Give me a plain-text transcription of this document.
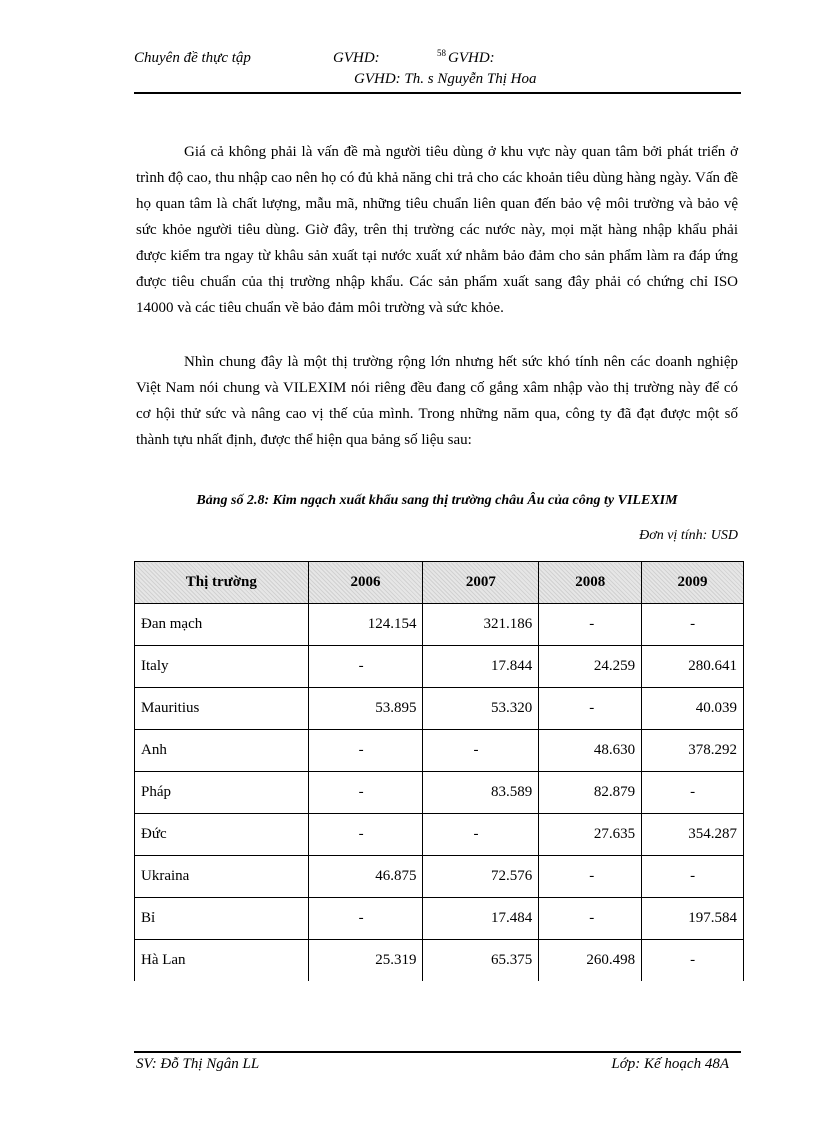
Chuyên đề thực tập	GVHD:	58 GVHD:
GVHD: Th. s Nguyễn Thị Hoa

Giá cả không phải là vấn đề mà người tiêu dùng ở khu vực này quan tâm bởi phát triển ở trình độ cao, thu nhập cao nên họ có đủ khả năng chi trả cho các khoản tiêu dùng hàng ngày. Vấn đề họ quan tâm là chất lượng, mẫu mã, những tiêu chuẩn liên quan đến bảo vệ môi trường và bảo vệ sức khỏe người tiêu dùng. Giờ đây, trên thị trường các nước này, mọi mặt hàng nhập khẩu phải được kiểm tra ngay từ khâu sản xuất tại nước xuất xứ nhằm bảo đảm cho sản phẩm làm ra đáp ứng được tiêu chuẩn của thị trường nhập khẩu. Các sản phẩm xuất sang đây phải có chứng chỉ ISO 14000 và các tiêu chuẩn về bảo đảm môi trường và sức khỏe.

Nhìn chung đây là một thị trường rộng lớn nhưng hết sức khó tính nên các doanh nghiệp Việt Nam nói chung và VILEXIM nói riêng đều đang cố gắng xâm nhập vào thị trường này để có cơ hội thử sức và nâng cao vị thế của mình. Trong những năm qua, công ty đã đạt được một số thành tựu nhất định, được thể hiện qua bảng số liệu sau:

Bảng số 2.8: Kim ngạch xuất khẩu sang thị trường châu Âu của công ty VILEXIM
Đơn vị tính: USD
Thị trường	2006	2007	2008	2009
Đan mạch	124.154	321.186	-	-
Italy	-	17.844	24.259	280.641
Mauritius	53.895	53.320	-	40.039
Anh	-	-	48.630	378.292
Pháp	-	83.589	82.879	-
Đức	-	-	27.635	354.287
Ukraina	46.875	72.576	-	-
Bỉ	-	17.484	-	197.584
Hà Lan	25.319	65.375	260.498	-
SV: Đỗ Thị Ngân LL	Lớp: Kế hoạch 48A
